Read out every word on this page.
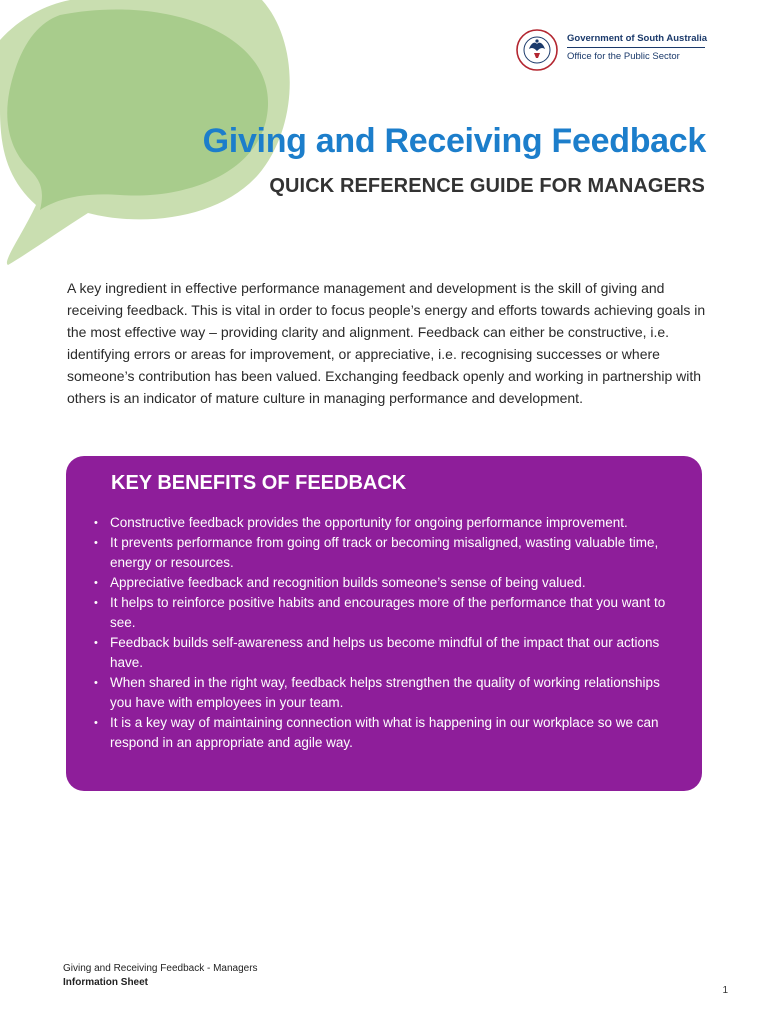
Government of South Australia
Office for the Public Sector
Giving and Receiving Feedback
QUICK REFERENCE GUIDE FOR MANAGERS

A key ingredient in effective performance management and development is the skill of giving and receiving feedback. This is vital in order to focus people’s energy and efforts towards achieving goals in the most effective way – providing clarity and alignment. Feedback can either be constructive, i.e. identifying errors or areas for improvement, or appreciative, i.e. recognising successes or where someone’s contribution has been valued. Exchanging feedback openly and working in partnership with others is an indicator of mature culture in managing performance and development.

KEY BENEFITS OF FEEDBACK
• Constructive feedback provides the opportunity for ongoing performance improvement.
• It prevents performance from going off track or becoming misaligned, wasting valuable time, energy or resources.
• Appreciative feedback and recognition builds someone’s sense of being valued.
• It helps to reinforce positive habits and encourages more of the performance that you want to see.
• Feedback builds self-awareness and helps us become mindful of the impact that our actions have.
• When shared in the right way, feedback helps strengthen the quality of working relationships you have with employees in your team.
• It is a key way of maintaining connection with what is happening in our workplace so we can respond in an appropriate and agile way.
Giving and Receiving Feedback - Managers
Information Sheet
1
